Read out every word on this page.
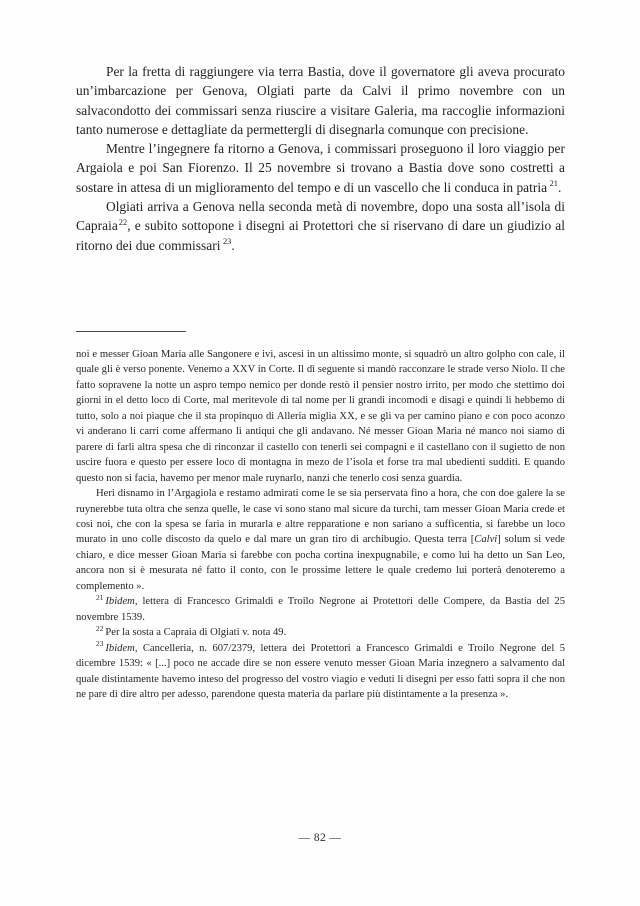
Per la fretta di raggiungere via terra Bastia, dove il governatore gli aveva procurato un’imbarcazione per Genova, Olgiati parte da Calvi il primo novembre con un salvacondotto dei commissari senza riuscire a visitare Galeria, ma raccoglie informazioni tanto numerose e dettagliate da permettergli di disegnarla comunque con precisione.

Mentre l’ingegnere fa ritorno a Genova, i commissari proseguono il loro viaggio per Argaiola e poi San Fiorenzo. Il 25 novembre si trovano a Bastia dove sono costretti a sostare in attesa di un miglioramento del tempo e di un vascello che li conduca in patria $^{21}$.

Olgiati arriva a Genova nella seconda metà di novembre, dopo una sosta all’isola di Capraia$^{22}$, e subito sottopone i disegni ai Protettori che si riservano di dare un giudizio al ritorno dei due commissari $^{23}$.

noi e messer Gioan Maria alle Sangonere e ivi, ascesi in un altissimo monte, si squadrò un altro golpho con cale, il quale gli è verso ponente. Venemo a XXV in Corte. Il dì seguente si mandò racconzare le strade verso Niolo. Il che fatto sopravene la notte un aspro tempo nemico per donde restò il pensier nostro irrito, per modo che stettimo doi giorni in el detto loco di Corte, mal meritevole di tal nome per li grandi incomodi e disagi e quindi li hebbemo di tutto, solo a noi piaque che il sta propinquo di Alleria miglia XX, e se gli va per camino piano e con poco aconzo vi anderano li carri come affermano li antiqui che gli andavano. Né messer Gioan Maria né manco noi siamo di parere di farli altra spesa che di rinconzar il castello con tenerli sei compagni e il castellano con il sugietto de non uscire fuora e questo per essere loco di montagna in mezo de l’isola et forse tra mal ubedienti sudditi. E quando questo non si facia, havemo per menor male ruynarlo, nanzi che tenerlo cosi senza guardia.

Heri disnamo in l’Argagiola e restamo admirati come le se sia perservata fino a hora, che con doe galere la se ruynerebbe tuta oltra che senza quelle, le case vi sono stano mal sicure da turchi, tam messer Gioan Maria crede et così noi, che con la spesa se faria in murarla e altre repparatione e non sariano a sufficentia, si farebbe un loco murato in uno colle discosto da quelo e dal mare un gran tiro di archibugio. Questa terra [Calvi] solum si vede chiaro, e dice messer Gioan Maria si farebbe con pocha cortina inexpugnabile, e como lui ha detto un San Leo, ancora non si è mesurata né fatto il conto, con le prossime lettere le quale credemo lui porterà denoteremo a complemento ».

$^{21}$ Ibidem, lettera di Francesco Grimaldi e Troilo Negrone ai Protettori delle Compere, da Bastia del 25 novembre 1539.

$^{22}$ Per la sosta a Capraia di Olgiati v. nota 49.

$^{23}$ Ibidem, Cancelleria, n. 607/2379, lettera dei Protettori a Francesco Grimaldi e Troilo Negrone del 5 dicembre 1539: « [...] poco ne accade dire se non essere venuto messer Gioan Maria inzegnero a salvamento dal quale distintamente havemo inteso del progresso del vostro viagio e veduti li disegni per esso fatti sopra il che non ne pare di dire altro per adesso, parendone questa materia da parlare più distintamente a la presenza ».

— 82 —
